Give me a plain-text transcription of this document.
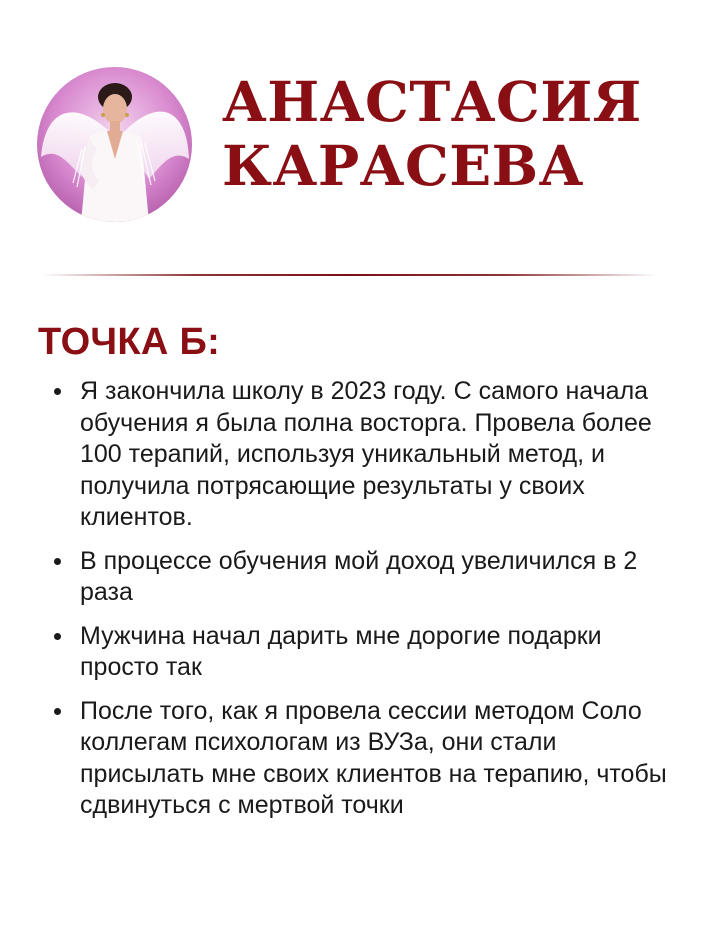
АНАСТАСИЯ
КАРАСЕВА
ТОЧКА Б:
Я закончила школу в 2023 году. С самого начала обучения я была полна восторга. Провела более 100 терапий, используя уникальный метод, и получила потрясающие результаты у своих клиентов.
В процессе обучения мой доход увеличился в 2 раза
Мужчина начал дарить мне дорогие подарки просто так
После того, как я провела сессии методом Соло коллегам психологам из ВУЗа, они стали присылать мне своих клиентов на терапию, чтобы сдвинуться с мертвой точки
